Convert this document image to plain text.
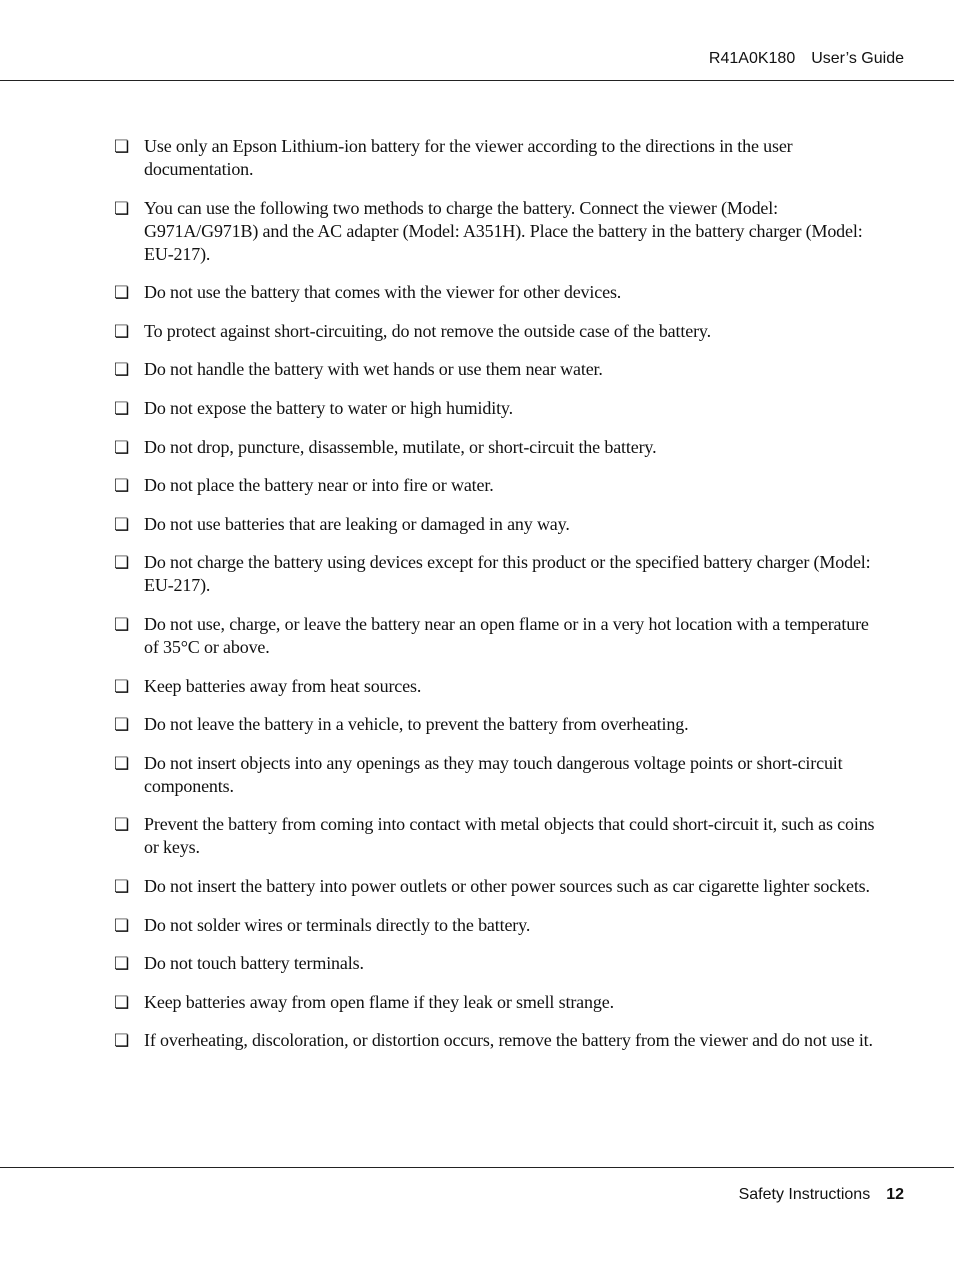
R41A0K180 User’s Guide
❏ Use only an Epson Lithium-ion battery for the viewer according to the directions in the user documentation.
❏ You can use the following two methods to charge the battery. Connect the viewer (Model: G971A/G971B) and the AC adapter (Model: A351H). Place the battery in the battery charger (Model: EU-217).
❏ Do not use the battery that comes with the viewer for other devices.
❏ To protect against short-circuiting, do not remove the outside case of the battery.
❏ Do not handle the battery with wet hands or use them near water.
❏ Do not expose the battery to water or high humidity.
❏ Do not drop, puncture, disassemble, mutilate, or short-circuit the battery.
❏ Do not place the battery near or into fire or water.
❏ Do not use batteries that are leaking or damaged in any way.
❏ Do not charge the battery using devices except for this product or the specified battery charger (Model: EU-217).
❏ Do not use, charge, or leave the battery near an open flame or in a very hot location with a temperature of 35°C or above.
❏ Keep batteries away from heat sources.
❏ Do not leave the battery in a vehicle, to prevent the battery from overheating.
❏ Do not insert objects into any openings as they may touch dangerous voltage points or short-circuit components.
❏ Prevent the battery from coming into contact with metal objects that could short-circuit it, such as coins or keys.
❏ Do not insert the battery into power outlets or other power sources such as car cigarette lighter sockets.
❏ Do not solder wires or terminals directly to the battery.
❏ Do not touch battery terminals.
❏ Keep batteries away from open flame if they leak or smell strange.
❏ If overheating, discoloration, or distortion occurs, remove the battery from the viewer and do not use it.
Safety Instructions 12
